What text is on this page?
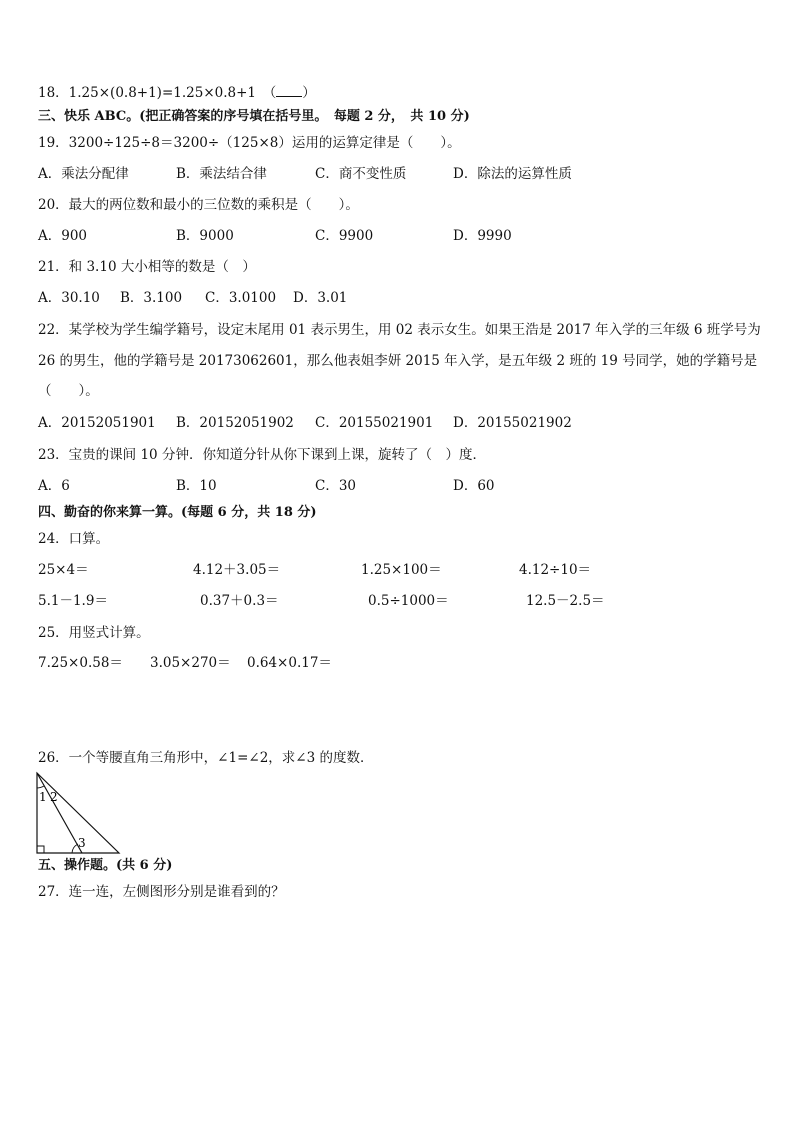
18．1.25×(0.8+1)=1.25×0.8+1　（ ）
三、快乐 ABC。(把正确答案的序号填在括号里。　每题 2 分，　共 10 分)
19．3200÷125÷8＝3200÷（125×8）运用的运算定律是（　　）。
A．乘法分配律	B．乘法结合律	C．商不变性质	D．除法的运算性质
20．最大的两位数和最小的三位数的乘积是（　　）。
A．900	B．9000	C．9900	D．9990
21．和 3.10 大小相等的数是（　）
A．30.10 B．3.100 C．3.0100 D．3.01
22．某学校为学生编学籍号，设定末尾用 01 表示男生，用 02 表示女生。如果王浩是 2017 年入学的三年级 6 班学号为
26 的男生，他的学籍号是 20173062601，那么他表姐李妍 2015 年入学，是五年级 2 班的 19 号同学，她的学籍号是
（　　）。
A．20152051901 B．20152051902 C．20155021901 D．20155021902
23．宝贵的课间 10 分钟．你知道分针从你下课到上课，旋转了（　）度．
A．6	B．10	C．30	D．60
四、勤奋的你来算一算。(每题 6 分，共 18 分)
24．口算。
25×4＝	4.12＋3.05＝	1.25×100＝	4.12÷10＝
5.1－1.9＝	0.37＋0.3＝	0.5÷1000＝	12.5－2.5＝
25．用竖式计算。
7.25×0.58＝ 3.05×270＝ 0.64×0.17＝
26．一个等腰直角三角形中，∠1=∠2，求∠3 的度数．
1 2
3
五、操作题。(共 6 分)
27．连一连，左侧图形分别是谁看到的？
